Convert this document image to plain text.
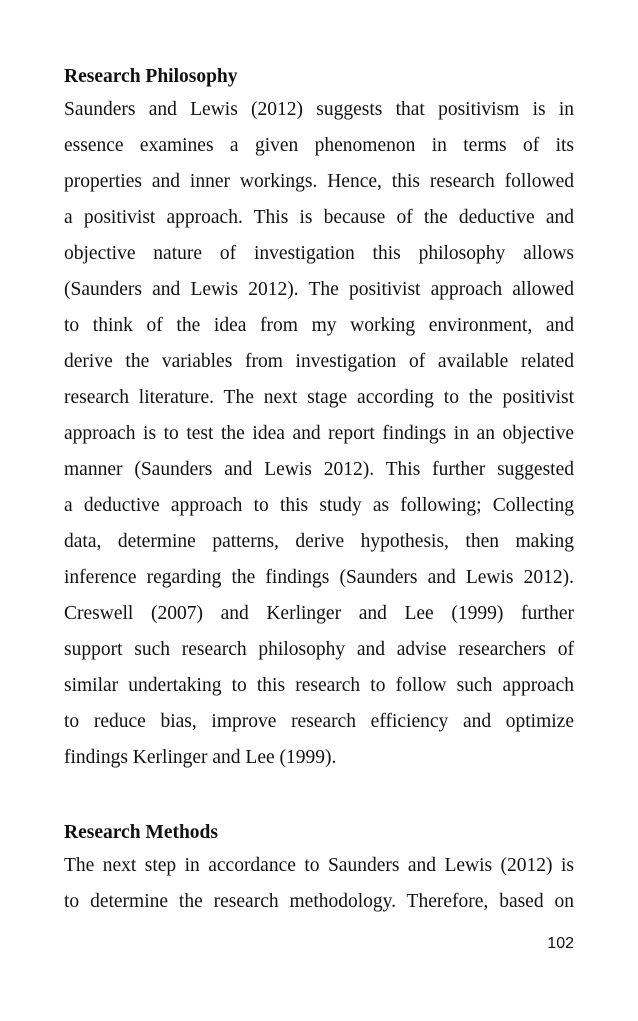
Research Philosophy
Saunders and Lewis (2012) suggests that positivism is in
essence examines a given phenomenon in terms of its
properties and inner workings. Hence, this research followed
a positivist approach. This is because of the deductive and
objective nature of investigation this philosophy allows
(Saunders and Lewis 2012). The positivist approach allowed
to think of the idea from my working environment, and
derive the variables from investigation of available related
research literature. The next stage according to the positivist
approach is to test the idea and report findings in an objective
manner (Saunders and Lewis 2012). This further suggested
a deductive approach to this study as following; Collecting
data, determine patterns, derive hypothesis, then making
inference regarding the findings (Saunders and Lewis 2012).
Creswell (2007) and Kerlinger and Lee (1999) further
support such research philosophy and advise researchers of
similar undertaking to this research to follow such approach
to reduce bias, improve research efficiency and optimize
findings Kerlinger and Lee (1999).
Research Methods
The next step in accordance to Saunders and Lewis (2012) is
to determine the research methodology. Therefore, based on
102
